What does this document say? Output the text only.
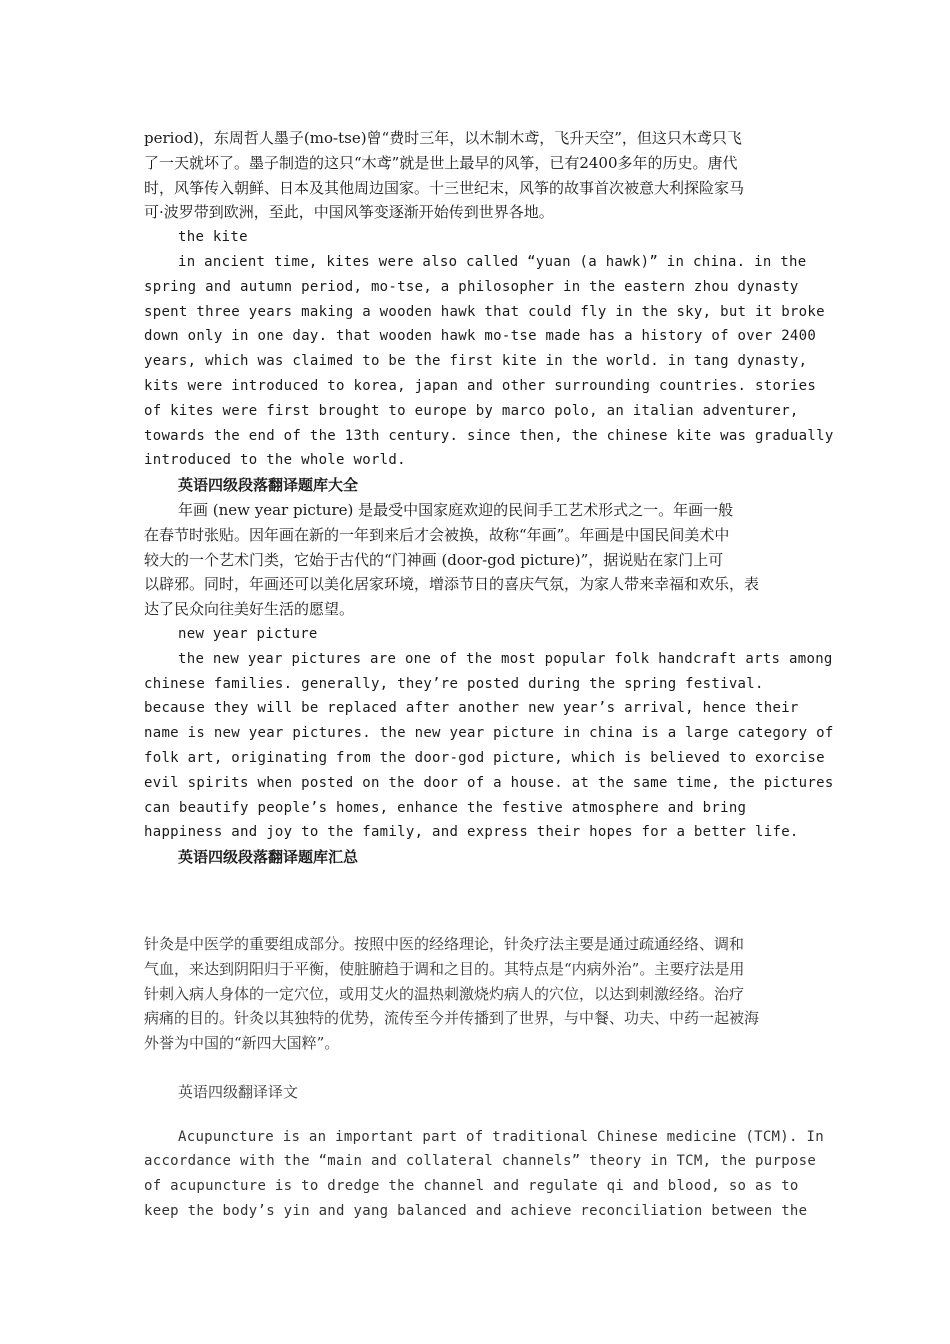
period)，东周哲人墨子(mo-tse)曾“费时三年，以木制木鸢，飞升天空”，但这只木鸢只飞
了一天就坏了。墨子制造的这只“木鸢”就是世上最早的风筝，已有2400多年的历史。唐代
时，风筝传入朝鲜、日本及其他周边国家。十三世纪末，风筝的故事首次被意大利探险家马
可·波罗带到欧洲，至此，中国风筝变逐渐开始传到世界各地。
the kite
in ancient time, kites were also called “yuan (a hawk)” in china. in the
spring and autumn period, mo-tse, a philosopher in the eastern zhou dynasty
spent three years making a wooden hawk that could fly in the sky, but it broke
down only in one day. that wooden hawk mo-tse made has a history of over 2400
years, which was claimed to be the first kite in the world. in tang dynasty,
kits were introduced to korea, japan and other surrounding countries. stories
of kites were first brought to europe by marco polo, an italian adventurer,
towards the end of the 13th century. since then, the chinese kite was gradually
introduced to the whole world.
英语四级段落翻译题库大全
年画 (new year picture) 是最受中国家庭欢迎的民间手工艺术形式之一。年画一般
在春节时张贴。因年画在新的一年到来后才会被换，故称“年画”。年画是中国民间美术中
较大的一个艺术门类，它始于古代的“门神画 (door-god picture)”，据说贴在家门上可
以辟邪。同时，年画还可以美化居家环境，增添节日的喜庆气氛，为家人带来幸福和欢乐，表
达了民众向往美好生活的愿望。
new year picture
the new year pictures are one of the most popular folk handcraft arts among
chinese families. generally, they’re posted during the spring festival.
because they will be replaced after another new year’s arrival, hence their
name is new year pictures. the new year picture in china is a large category of
folk art, originating from the door-god picture, which is believed to exorcise
evil spirits when posted on the door of a house. at the same time, the pictures
can beautify people’s homes, enhance the festive atmosphere and bring
happiness and joy to the family, and express their hopes for a better life.
英语四级段落翻译题库汇总
针灸是中医学的重要组成部分。按照中医的经络理论，针灸疗法主要是通过疏通经络、调和
气血，来达到阴阳归于平衡，使脏腑趋于调和之目的。其特点是“内病外治”。主要疗法是用
针刺入病人身体的一定穴位，或用艾火的温热刺激烧灼病人的穴位，以达到刺激经络。治疗
病痛的目的。针灸以其独特的优势，流传至今并传播到了世界，与中餐、功夫、中药一起被海
外誉为中国的“新四大国粹”。
英语四级翻译译文
Acupuncture is an important part of traditional Chinese medicine (TCM). In
accordance with the “main and collateral channels” theory in TCM, the purpose
of acupuncture is to dredge the channel and regulate qi and blood, so as to
keep the body’s yin and yang balanced and achieve reconciliation between the
